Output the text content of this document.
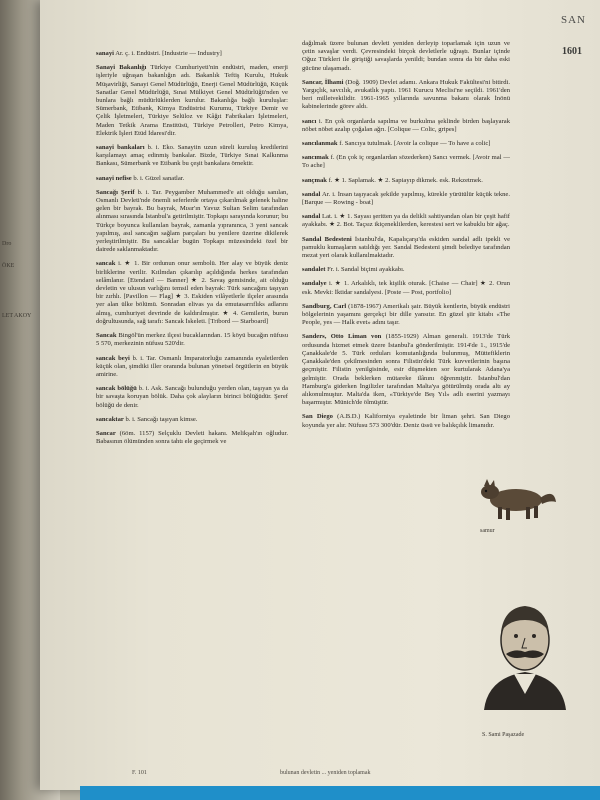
Dro
ÖKE
LET AKOY
SAN
1601
sanayi Ar. ç. i. Endüstri. [Industrie — Industry]
Sanayi Bakanlığı Türkiye Cumhuriyeti'nin endüstri, maden, enerji işleriyle uğraşan bakanlığın adı. Bakanlık Teftiş Kurulu, Hukuk Müşavirliği, Sanayi Genel Müdürlüğü, Enerji Genel Müdürlüğü, Küçük Sanatlar Genel Müdürlüğü, Sınai Mülkiyet Genel Müdürlüğü'nden ve bunlara bağlı müdürlüklerden kurulur. Bakanlığa bağlı kuruluşlar: Sümerbank, Etibank, Kimya Endüstrisi Kurumu, Türkiye Demir ve Çelik İşletmeleri, Türkiye Selüloz ve Kâğıt Fabrikaları İşletmeleri, Maden Tetkik Arama Enstitüsü, Türkiye Petrolleri, Petro Kimya, Elektrik İşleri Etüd İdaresi'dir.
sanayi bankaları b. i. Eko. Sanayiin uzun süreli kuruluş kredilerini karşılamayı amaç edinmiş bankalar. Bizde, Türkiye Sınai Kalkınma Bankası, Sümerbank ve Etibank bu çeşit bankalara örnektir.
sanayi nefise b. i. Güzel sanatlar.
Sancağı Şerif b. i. Tar. Peygamber Muhammed'e ait olduğu sanılan, Osmanlı Devleti'nde önemli seferlerde ortaya çıkarılmak gelenek haline gelen bir bayrak. Bu bayrak, Mısır'ın Yavuz Sultan Selim tarafından alınması sırasında İstanbul'a getirilmiştir. Topkapı sarayında korunur; bu Türkçe boyunca kullanılan bayrak, zamanla yıpranınca, 3 yeni sancak yapılmış, asıl sancağın sağlam parçaları bu yenilere üzerine dikilerek yerleştirilmiştir. Bu sancaklar bugün Topkapı müzesindeki özel bir dairede saklanmaktadır.
sancak i. ★ 1. Bir ordunun onur sembolü. Her alay ve büyük deniz birliklerine verilir. Kıtlmdan çıkarılıp açıldığında herkes tarafından selâmlanır. [Etendard — Banner] ★ 2. Savaş gemisinde, ait olduğu devletin ve ulusun varlığını temsil eden bayrak: Türk sancağını taşıyan bir zırhlı. [Pavillon — Flag] ★ 3. Eskiden vilâyetlerle ilçeler arasında yer alan ülke bölümü. Sonradan elivas ya da emutasarrıflıks adlarını almış, cumhuriyet devrinde de kaldırılmıştır. ★ 4. Gemilerin, burun doğrultusunda, sağ tarafı: Sancak İskeleti. [Tribord — Starboard]
Sancak Bingöl'ün merkez ilçesi bucaklarından. 15 köyü bucağın nüfusu 5 570, merkezinin nüfusu 520'dir.
sancak beyi b. i. Tar. Osmanlı İmparatorluğu zamanında eyaletlerden küçük olan, şimdiki iller oranında bulunan yönetsel örgütlerin en büyük amirine.
sancak bölüğü b. i. Ask. Sancağı bulunduğu yerden olan, taşıyan ya da bir savaşta koruyan bölük. Daha çok alayların birinci bölüğüdür. Şeref bölüğü de denir.
sancaktar b. i. Sancağı taşıyan kimse.
Sancar (6öm. 1157) Selçuklu Devleti hakanı. Melikşah'ın oğludur. Babasının ölümünden sonra tahtı ele geçirmek ve
dağılmak üzere bulunan devleti yeniden derleyip toparlamak için uzun ve çetin savaşlar verdi. Çevresindeki birçok devletlerle uğraştı. Bunlar içinde Oğuz Türkleri ile giriştiği savaşlarda yenildi; bundan sonra da bir daha eski gücüne ulaşamadı.
Sancar, İlhami (Doğ. 1909) Devlet adamı. Ankara Hukuk Fakültesi'ni bitirdi. Yargıçlık, savcılık, avukatlık yaptı. 1961 Kurucu Meclisi'ne seçildi. 1961'den beri milletvekilidir. 1961-1965 yıllarında savunma bakanı olarak İnönü kabinelerinde görev aldı.
sancı i. En çok organlarda sapılma ve burkulma şeklinde birden başlayarak nöbet nöbet azalıp çoğalan ağrı. [Colique — Colic, gripes]
sancılanmak f. Sancıya tutulmak. [Avoir la colique — To have a colic]
sancımak f. (En çok iç organlardan sözederken) Sancı vermek. [Avoir mal — To ache]
sançmak f. ★ 1. Saplamak. ★ 2. Sapiayıp dikmek. esk. Rekzetmek.
sandal Ar. i. İnsan taşıyacak şekilde yapılmış, kürekle yürütülür küçük tekne. [Barque — Rowing - boat]
sandal Lat. i. ★ 1. Sayası şeritten ya da delikli sahtiyandan olan bir çeşit hafif ayakkabı. ★ 2. Bot. Taçsız ikiçeneklilerden, kerestesi sert ve kabuklu bir ağaç.
Sandal Bedesteni İstanbul'da, Kapalıçarşı'da eskiden sandal adlı ipekli ve pamuklu kumaşların satıldığı yer. Sandal Bedesteni şimdi belediye tarafından mezat yeri olarak kullanılmaktadır.
sandalet Fr. i. Sandal biçimi ayakkabı.
sandalye i. ★ 1. Arkalıklı, tek kişilik oturak. [Chaise — Chair] ★ 2. Orun esk. Mevki: İktidar sandalyesi. [Poste — Post, portfolio]
Sandburg, Carl (1878-1967) Amerikalı şair. Büyük kentlerin, büyük endüstri bölgelerinin yaşamını gerçekçi bir dille yansıtır. En güzel şiir kitabı «The People, yes — Halk evet» adını taşır.
Sanders, Otto Liman von (1855-1929) Alman generali. 1913'de Türk ordusunda hizmet etmek üzere İstanbul'a gönderilmiştir. 1914'de 1., 1915'de Çanakkale'de 5. Türk orduları komutanlığında bulunmuş, Müttefiklerin Çanakkale'den çekilmesinden sonra Filistin'deki Türk kuvvetlerinin başına geçmiştir. Filistin yenilgisinde, esir düşmekten sor kurtularak Adana'ya gelmiştir. Orada beklerken mütareke ilânını öğrenmiştir. İstanbul'dan Hamburg'a giderken İngilizler tarafından Malta'ya götürülmüş orada altı ay alıkonulmuştur. Malta'da iken, «Türkiye'de Beş Yıl» adlı eserini yazmayı başarmıştır. Münich'de ölmüştür.
San Diego (A.B.D.) Kaliforniya eyaletinde bir liman şehri. San Diego koyunda yer alır. Nüfusu 573 300'dür. Deniz üssü ve balıkçılık limanıdır.
samur
S. Sami Paşazade
F. 101	bulunan devletin ... yeniden toplamak
